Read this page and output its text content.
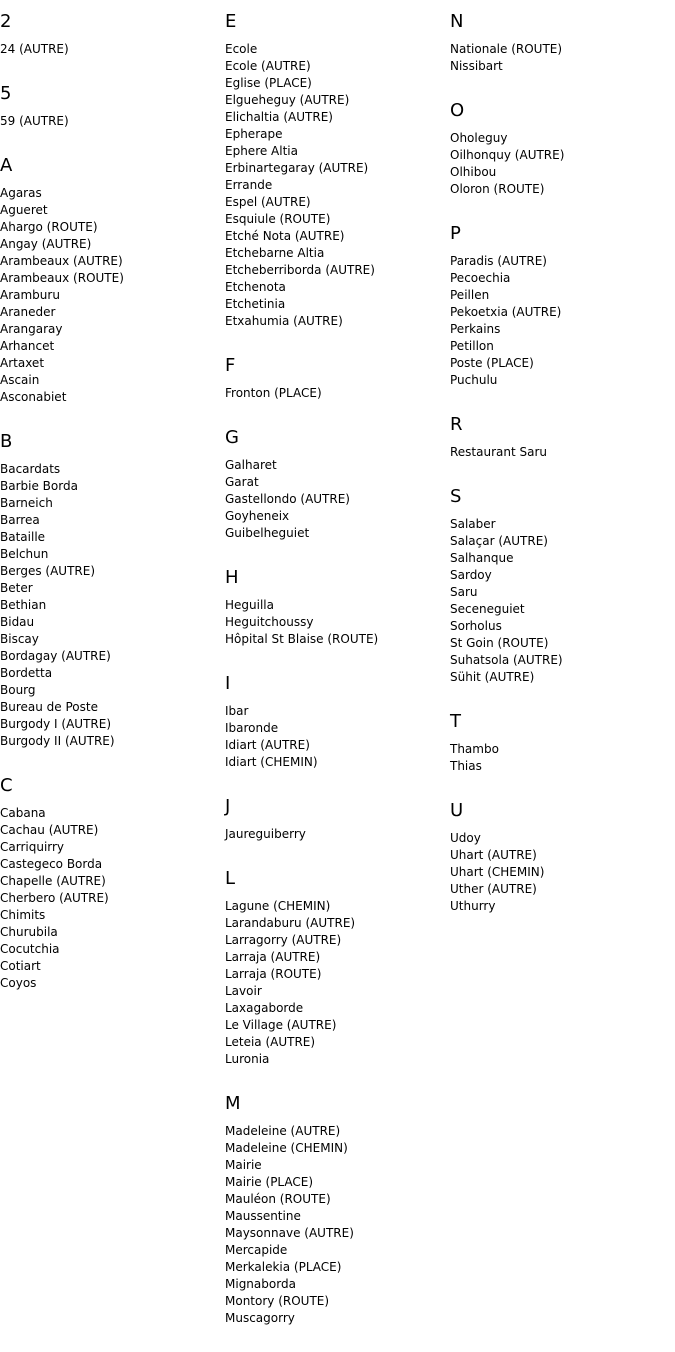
2
24 (AUTRE)
5
59 (AUTRE)
A
Agaras
Agueret
Ahargo (ROUTE)
Angay (AUTRE)
Arambeaux (AUTRE)
Arambeaux (ROUTE)
Aramburu
Araneder
Arangaray
Arhancet
Artaxet
Ascain
Asconabiet
B
Bacardats
Barbie Borda
Barneich
Barrea
Bataille
Belchun
Berges (AUTRE)
Beter
Bethian
Bidau
Biscay
Bordagay (AUTRE)
Bordetta
Bourg
Bureau de Poste
Burgody I (AUTRE)
Burgody II (AUTRE)
C
Cabana
Cachau (AUTRE)
Carriquirry
Castegeco Borda
Chapelle (AUTRE)
Cherbero (AUTRE)
Chimits
Churubila
Cocutchia
Cotiart
Coyos
E
Ecole
Ecole (AUTRE)
Eglise (PLACE)
Elgueheguy (AUTRE)
Elichaltia (AUTRE)
Epherape
Ephere Altia
Erbinartegaray (AUTRE)
Errande
Espel (AUTRE)
Esquiule (ROUTE)
Etché Nota (AUTRE)
Etchebarne Altia
Etcheberriborda (AUTRE)
Etchenota
Etchetinia
Etxahumia (AUTRE)
F
Fronton (PLACE)
G
Galharet
Garat
Gastellondo (AUTRE)
Goyheneix
Guibelheguiet
H
Heguilla
Heguitchoussy
Hôpital St Blaise (ROUTE)
I
Ibar
Ibaronde
Idiart (AUTRE)
Idiart (CHEMIN)
J
Jaureguiberry
L
Lagune (CHEMIN)
Larandaburu (AUTRE)
Larragorry (AUTRE)
Larraja (AUTRE)
Larraja (ROUTE)
Lavoir
Laxagaborde
Le Village (AUTRE)
Leteia (AUTRE)
Luronia
M
Madeleine (AUTRE)
Madeleine (CHEMIN)
Mairie
Mairie (PLACE)
Mauléon (ROUTE)
Maussentine
Maysonnave (AUTRE)
Mercapide
Merkalekia (PLACE)
Mignaborda
Montory (ROUTE)
Muscagorry
N
Nationale (ROUTE)
Nissibart
O
Oholeguy
Oilhonquy (AUTRE)
Olhibou
Oloron (ROUTE)
P
Paradis (AUTRE)
Pecoechia
Peillen
Pekoetxia (AUTRE)
Perkains
Petillon
Poste (PLACE)
Puchulu
R
Restaurant Saru
S
Salaber
Salaçar (AUTRE)
Salhanque
Sardoy
Saru
Seceneguiet
Sorholus
St Goin (ROUTE)
Suhatsola (AUTRE)
Sühit (AUTRE)
T
Thambo
Thias
U
Udoy
Uhart (AUTRE)
Uhart (CHEMIN)
Uther (AUTRE)
Uthurry
